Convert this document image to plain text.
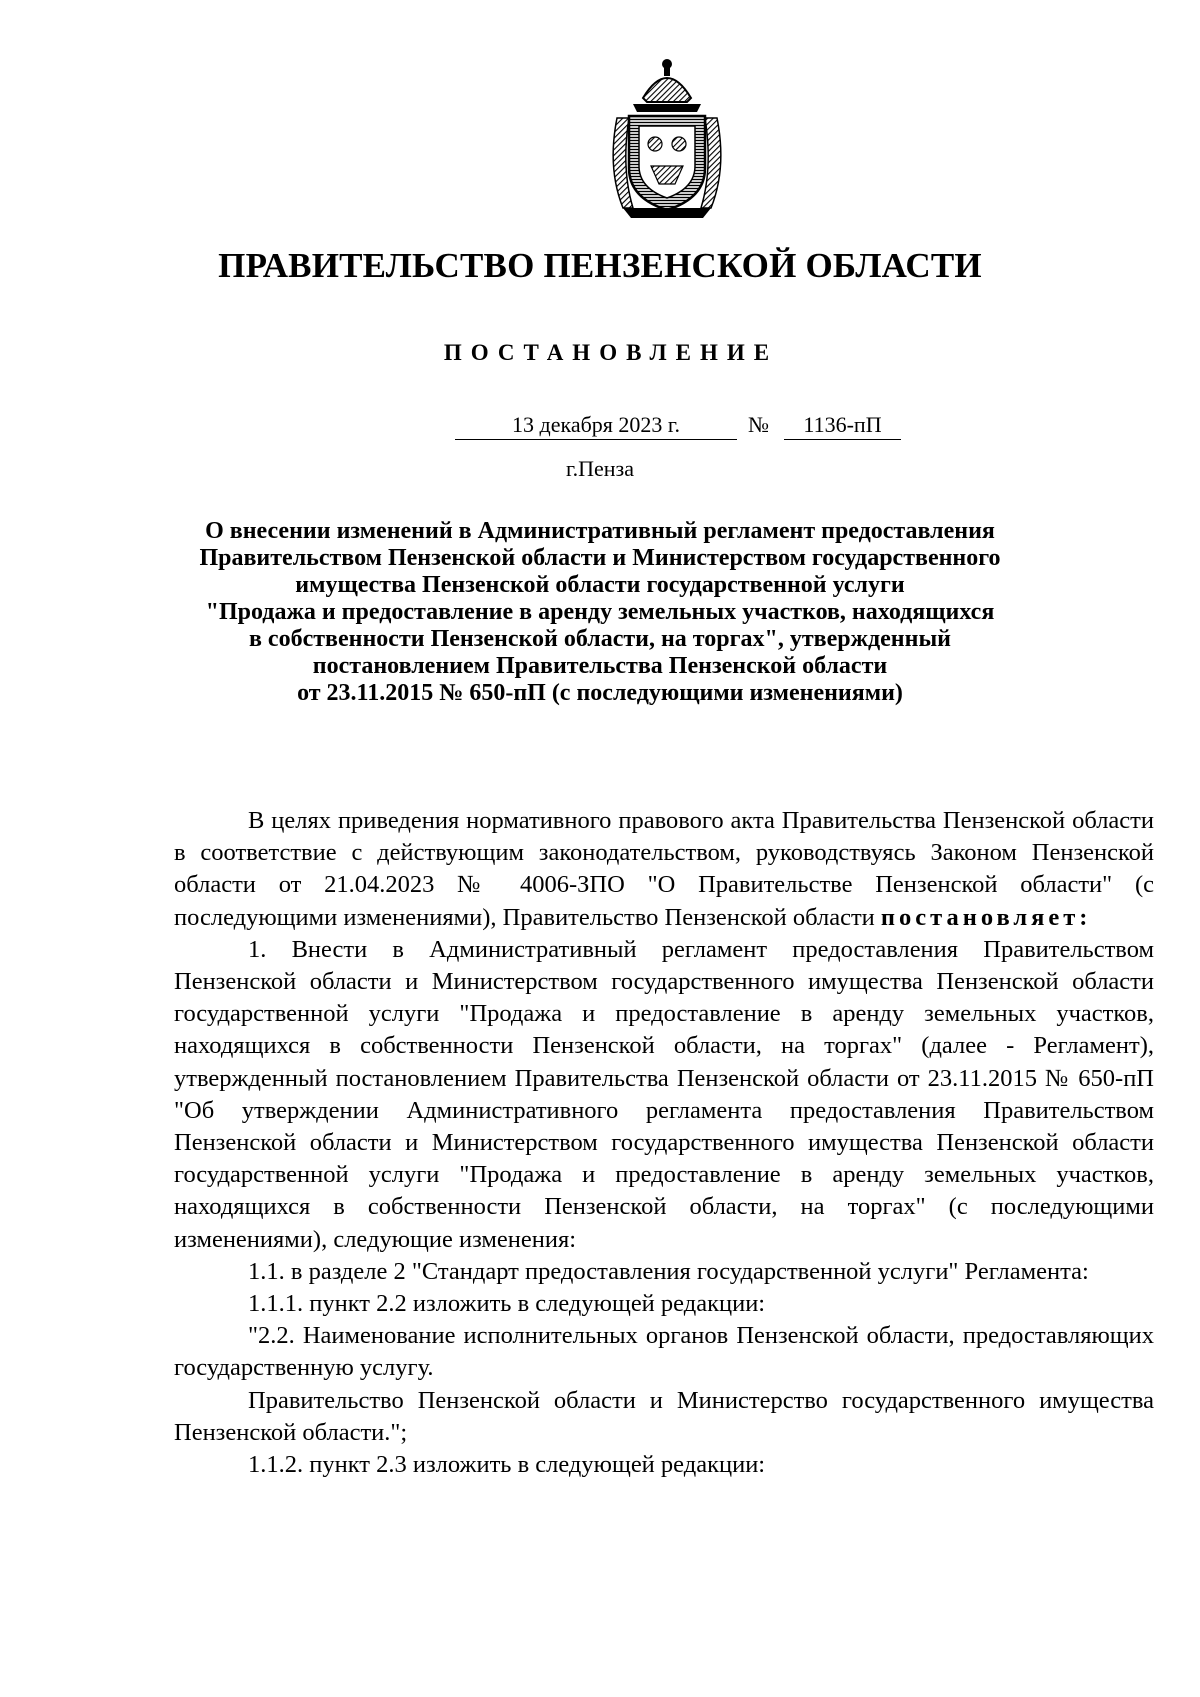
ПРАВИТЕЛЬСТВО ПЕНЗЕНСКОЙ ОБЛАСТИ
ПОСТАНОВЛЕНИЕ
13 декабря 2023 г.	№	1136-пП
г.Пенза
О внесении изменений в Административный регламент предоставления
Правительством Пензенской области и Министерством государственного
имущества Пензенской области государственной услуги
"Продажа и предоставление в аренду земельных участков, находящихся
в собственности Пензенской области, на торгах", утвержденный
постановлением Правительства Пензенской области
от 23.11.2015 № 650-пП (с последующими изменениями)

В целях приведения нормативного правового акта Правительства Пензенской области в соответствие с действующим законодательством, руководствуясь Законом Пензенской области от 21.04.2023 № 4006-ЗПО "О Правительстве Пензенской области" (с последующими изменениями), Правительство Пензенской области постановляет:

1. Внести в Административный регламент предоставления Правительством Пензенской области и Министерством государственного имущества Пензенской области государственной услуги "Продажа и предоставление в аренду земельных участков, находящихся в собственности Пензенской области, на торгах" (далее - Регламент), утвержденный постановлением Правительства Пензенской области от 23.11.2015 № 650-пП "Об утверждении Административного регламента предоставления Правительством Пензенской области и Министерством государственного имущества Пензенской области государственной услуги "Продажа и предоставление в аренду земельных участков, находящихся в собственности Пензенской области, на торгах" (с последующими изменениями), следующие изменения:

1.1. в разделе 2 "Стандарт предоставления государственной услуги" Регламента:

1.1.1. пункт 2.2 изложить в следующей редакции:

"2.2. Наименование исполнительных органов Пензенской области, предоставляющих государственную услугу.

Правительство Пензенской области и Министерство государственного имущества Пензенской области.";

1.1.2. пункт 2.3 изложить в следующей редакции:
